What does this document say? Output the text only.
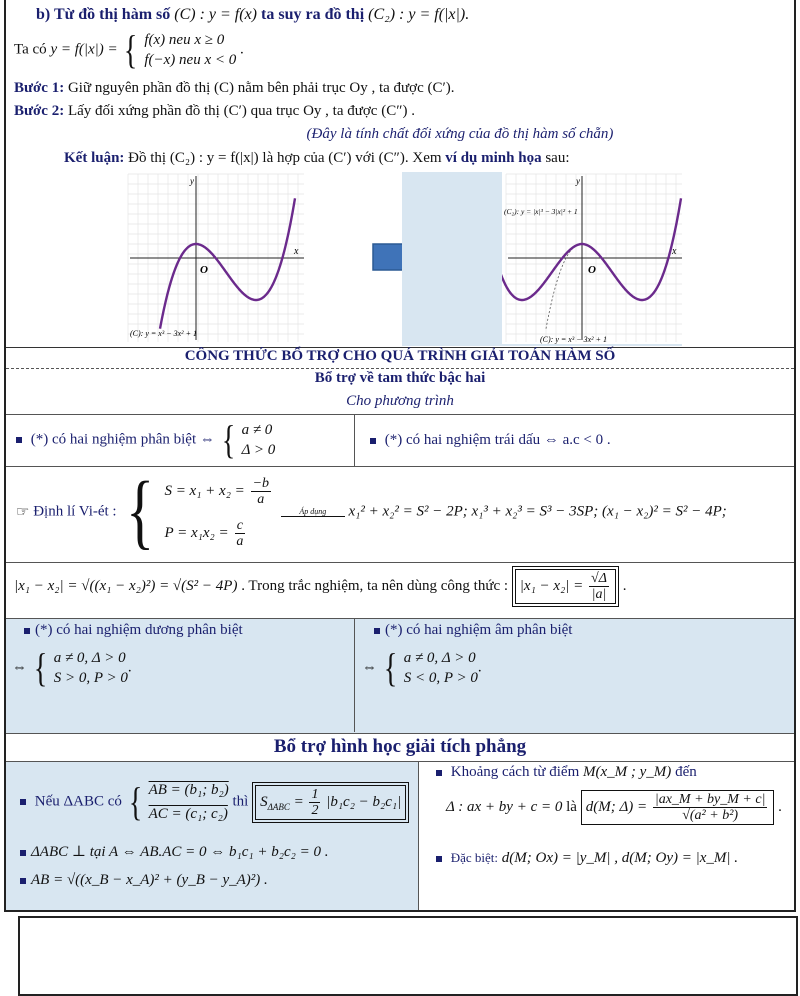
b) Từ đồ thị hàm số (C) : y = f(x) ta suy ra đồ thị (C₂) : y = f(|x|).
Ta có y = f(|x|) = { f(x) neu x ≥ 0
f(−x) neu x < 0
.
Bước 1: Giữ nguyên phần đồ thị (C) nằm bên phải trục Oy , ta được (C′).
Bước 2: Lấy đối xứng phần đồ thị (C′) qua trục Oy , ta được (C″) .
(Đây là tính chất đối xứng của đồ thị hàm số chẵn)
Kết luận: Đồ thị (C₂) : y = f(|x|) là hợp của (C′) với (C″). Xem ví dụ minh họa sau:
y
x
O
(C): y = x³ − 3x² + 1
y
x
O
(C₂): y = |x|³ − 3|x|² + 1
(C): y = x³ − 3x² + 1
CÔNG THỨC BỔ TRỢ CHO QUÁ TRÌNH GIẢI TOÁN HÀM SỐ
Bổ trợ về tam thức bậc hai
Cho phương trình
(*) có hai nghiệm phân biệt ⇔ { a ≠ 0
Δ > 0
(*) có hai nghiệm trái dấu ⇔ a.c < 0 .
☞ Định lí Vi-ét : { $S = x_1 + x_2 = \frac{-b}{a}$
$P = x_1x_2 = \frac{c}{a}$

Áp dụng	x₁² + x₂² = S² − 2P; x₁³ + x₂³ = S³ − 3SP; (x₁ − x₂)² = S² − 4P;
|x₁ − x₂| = √((x₁ − x₂)²) = √(S² − 4P) . Trong trắc nghiệm, ta nên dùng công thức : $|x_1 - x_2| = \frac{√\Delta}{|a|}$ .
(*) có hai nghiệm dương phân biệt
⇔ { a ≠ 0, Δ > 0
S > 0, P > 0
.
(*) có hai nghiệm âm phân biệt
⇔ { a ≠ 0, Δ > 0
S < 0, P > 0
.
Bổ trợ hình học giải tích phẳng
Nếu ΔABC có { $\frac{\text{AB = (b₁; b₂)}}{\text{AC = (c₁; c₂)}}$ thì $S_{\Delta ABC} = \frac{1}{2} |b_1c_2 - b_2c_1|$
ΔABC ⊥ tại A ⇔ AB.AC = 0 ⇔ b₁c₁ + b₂c₂ = 0 .
AB = √((x_B − x_A)² + (y_B − y_A)²) .
Khoảng cách từ điểm M(x_M ; y_M) đến
Δ : ax + by + c = 0 là d(M; $\Delta) = \frac{|ax\_M + by\_M + c|}{\text{√(a² + b²)}}$ .
Đặc biệt: d(M; Ox) = |y_M| , d(M; Oy) = |x_M| .
